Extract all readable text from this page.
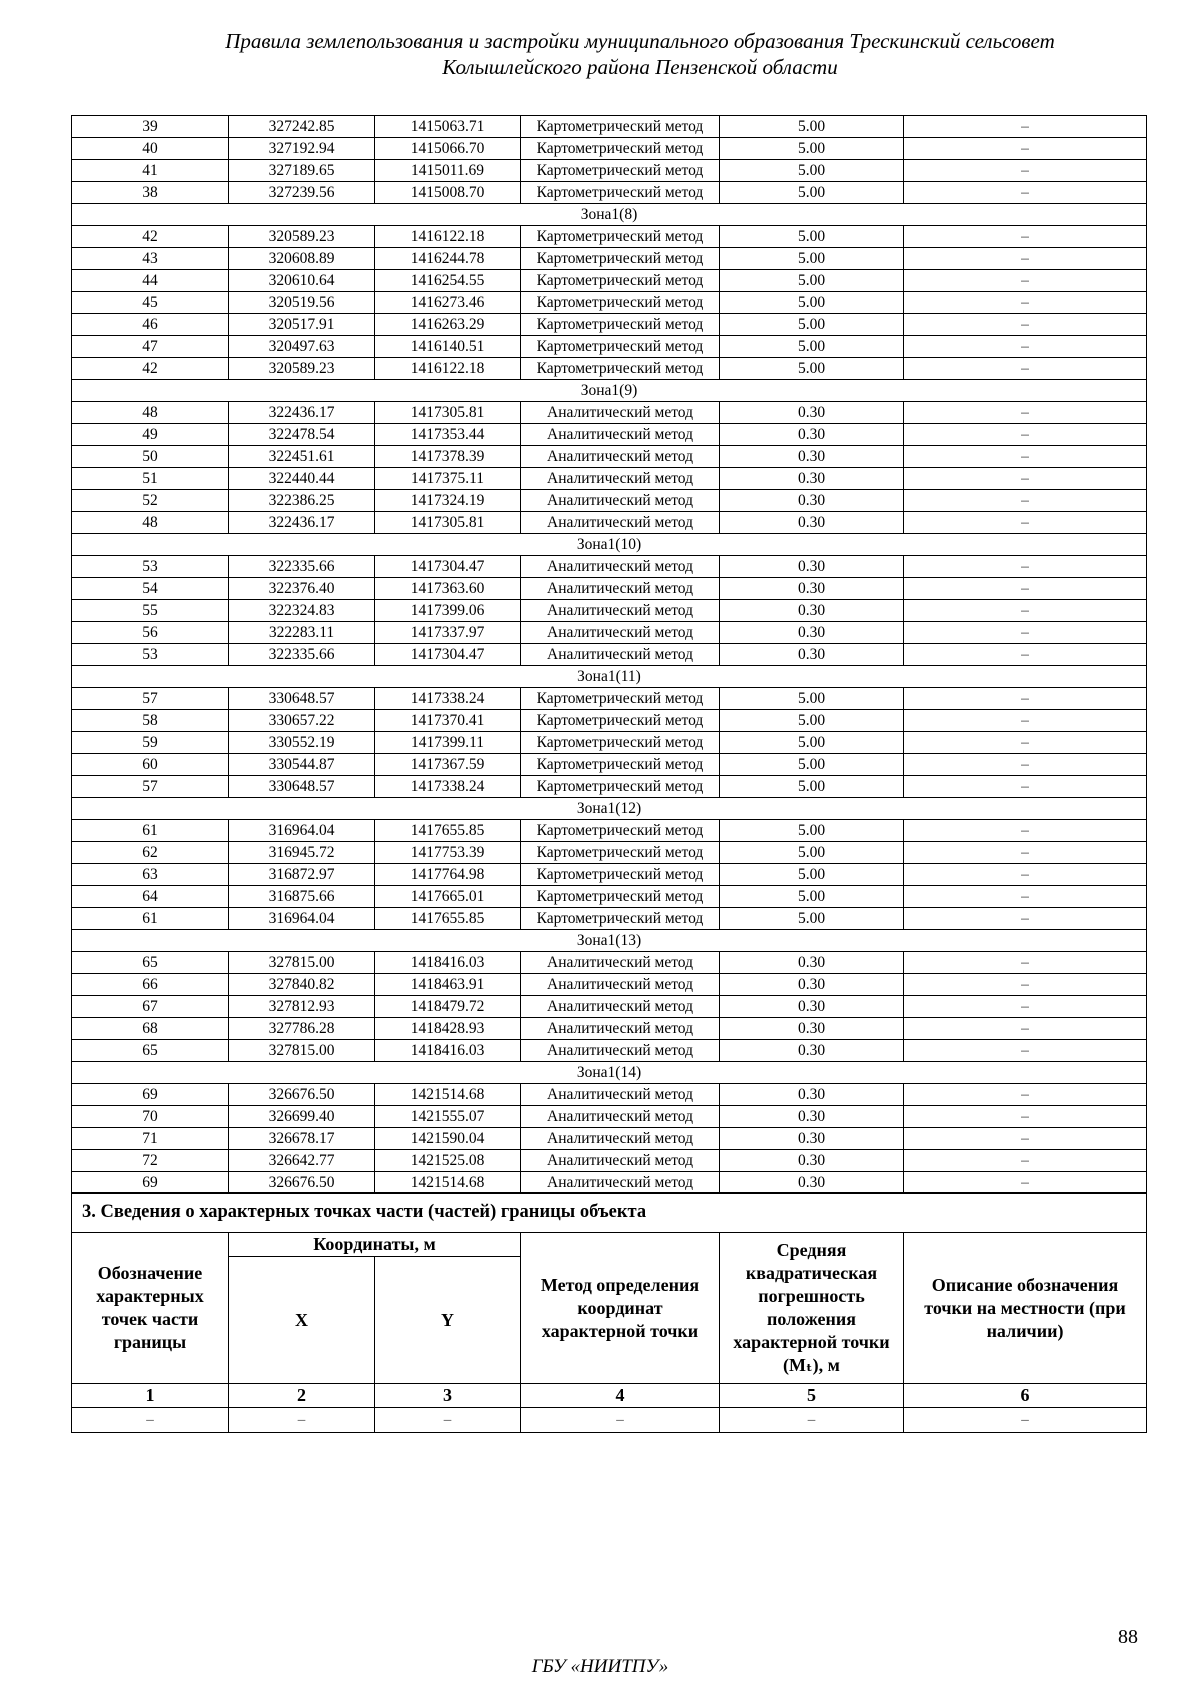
Правила землепользования и застройки муниципального образования Трескинский сельсовет
Колышлейского района Пензенской области
39	327242.85	1415063.71	Картометрический метод	5.00	–
40	327192.94	1415066.70	Картометрический метод	5.00	–
41	327189.65	1415011.69	Картометрический метод	5.00	–
38	327239.56	1415008.70	Картометрический метод	5.00	–
Зона1(8)					
42	320589.23	1416122.18	Картометрический метод	5.00	–
43	320608.89	1416244.78	Картометрический метод	5.00	–
44	320610.64	1416254.55	Картометрический метод	5.00	–
45	320519.56	1416273.46	Картометрический метод	5.00	–
46	320517.91	1416263.29	Картометрический метод	5.00	–
47	320497.63	1416140.51	Картометрический метод	5.00	–
42	320589.23	1416122.18	Картометрический метод	5.00	–
Зона1(9)					
48	322436.17	1417305.81	Аналитический метод	0.30	–
49	322478.54	1417353.44	Аналитический метод	0.30	–
50	322451.61	1417378.39	Аналитический метод	0.30	–
51	322440.44	1417375.11	Аналитический метод	0.30	–
52	322386.25	1417324.19	Аналитический метод	0.30	–
48	322436.17	1417305.81	Аналитический метод	0.30	–
Зона1(10)					
53	322335.66	1417304.47	Аналитический метод	0.30	–
54	322376.40	1417363.60	Аналитический метод	0.30	–
55	322324.83	1417399.06	Аналитический метод	0.30	–
56	322283.11	1417337.97	Аналитический метод	0.30	–
53	322335.66	1417304.47	Аналитический метод	0.30	–
Зона1(11)					
57	330648.57	1417338.24	Картометрический метод	5.00	–
58	330657.22	1417370.41	Картометрический метод	5.00	–
59	330552.19	1417399.11	Картометрический метод	5.00	–
60	330544.87	1417367.59	Картометрический метод	5.00	–
57	330648.57	1417338.24	Картометрический метод	5.00	–
Зона1(12)					
61	316964.04	1417655.85	Картометрический метод	5.00	–
62	316945.72	1417753.39	Картометрический метод	5.00	–
63	316872.97	1417764.98	Картометрический метод	5.00	–
64	316875.66	1417665.01	Картометрический метод	5.00	–
61	316964.04	1417655.85	Картометрический метод	5.00	–
Зона1(13)					
65	327815.00	1418416.03	Аналитический метод	0.30	–
66	327840.82	1418463.91	Аналитический метод	0.30	–
67	327812.93	1418479.72	Аналитический метод	0.30	–
68	327786.28	1418428.93	Аналитический метод	0.30	–
65	327815.00	1418416.03	Аналитический метод	0.30	–
Зона1(14)					
69	326676.50	1421514.68	Аналитический метод	0.30	–
70	326699.40	1421555.07	Аналитический метод	0.30	–
71	326678.17	1421590.04	Аналитический метод	0.30	–
72	326642.77	1421525.08	Аналитический метод	0.30	–
69	326676.50	1421514.68	Аналитический метод	0.30	–
3. Сведения о характерных точках части (частей) границы объекта					
Обозначение характерных точек части границы	Координаты, м		Метод определения координат характерной точки	Средняя квадратическая погрешность положения характерной точки (Мₜ), м	Описание обозначения точки на местности (при наличии)
	X	Y			
1	2	3	4	5	6
–	–	–	–	–	–
88
ГБУ «НИИТПУ»
